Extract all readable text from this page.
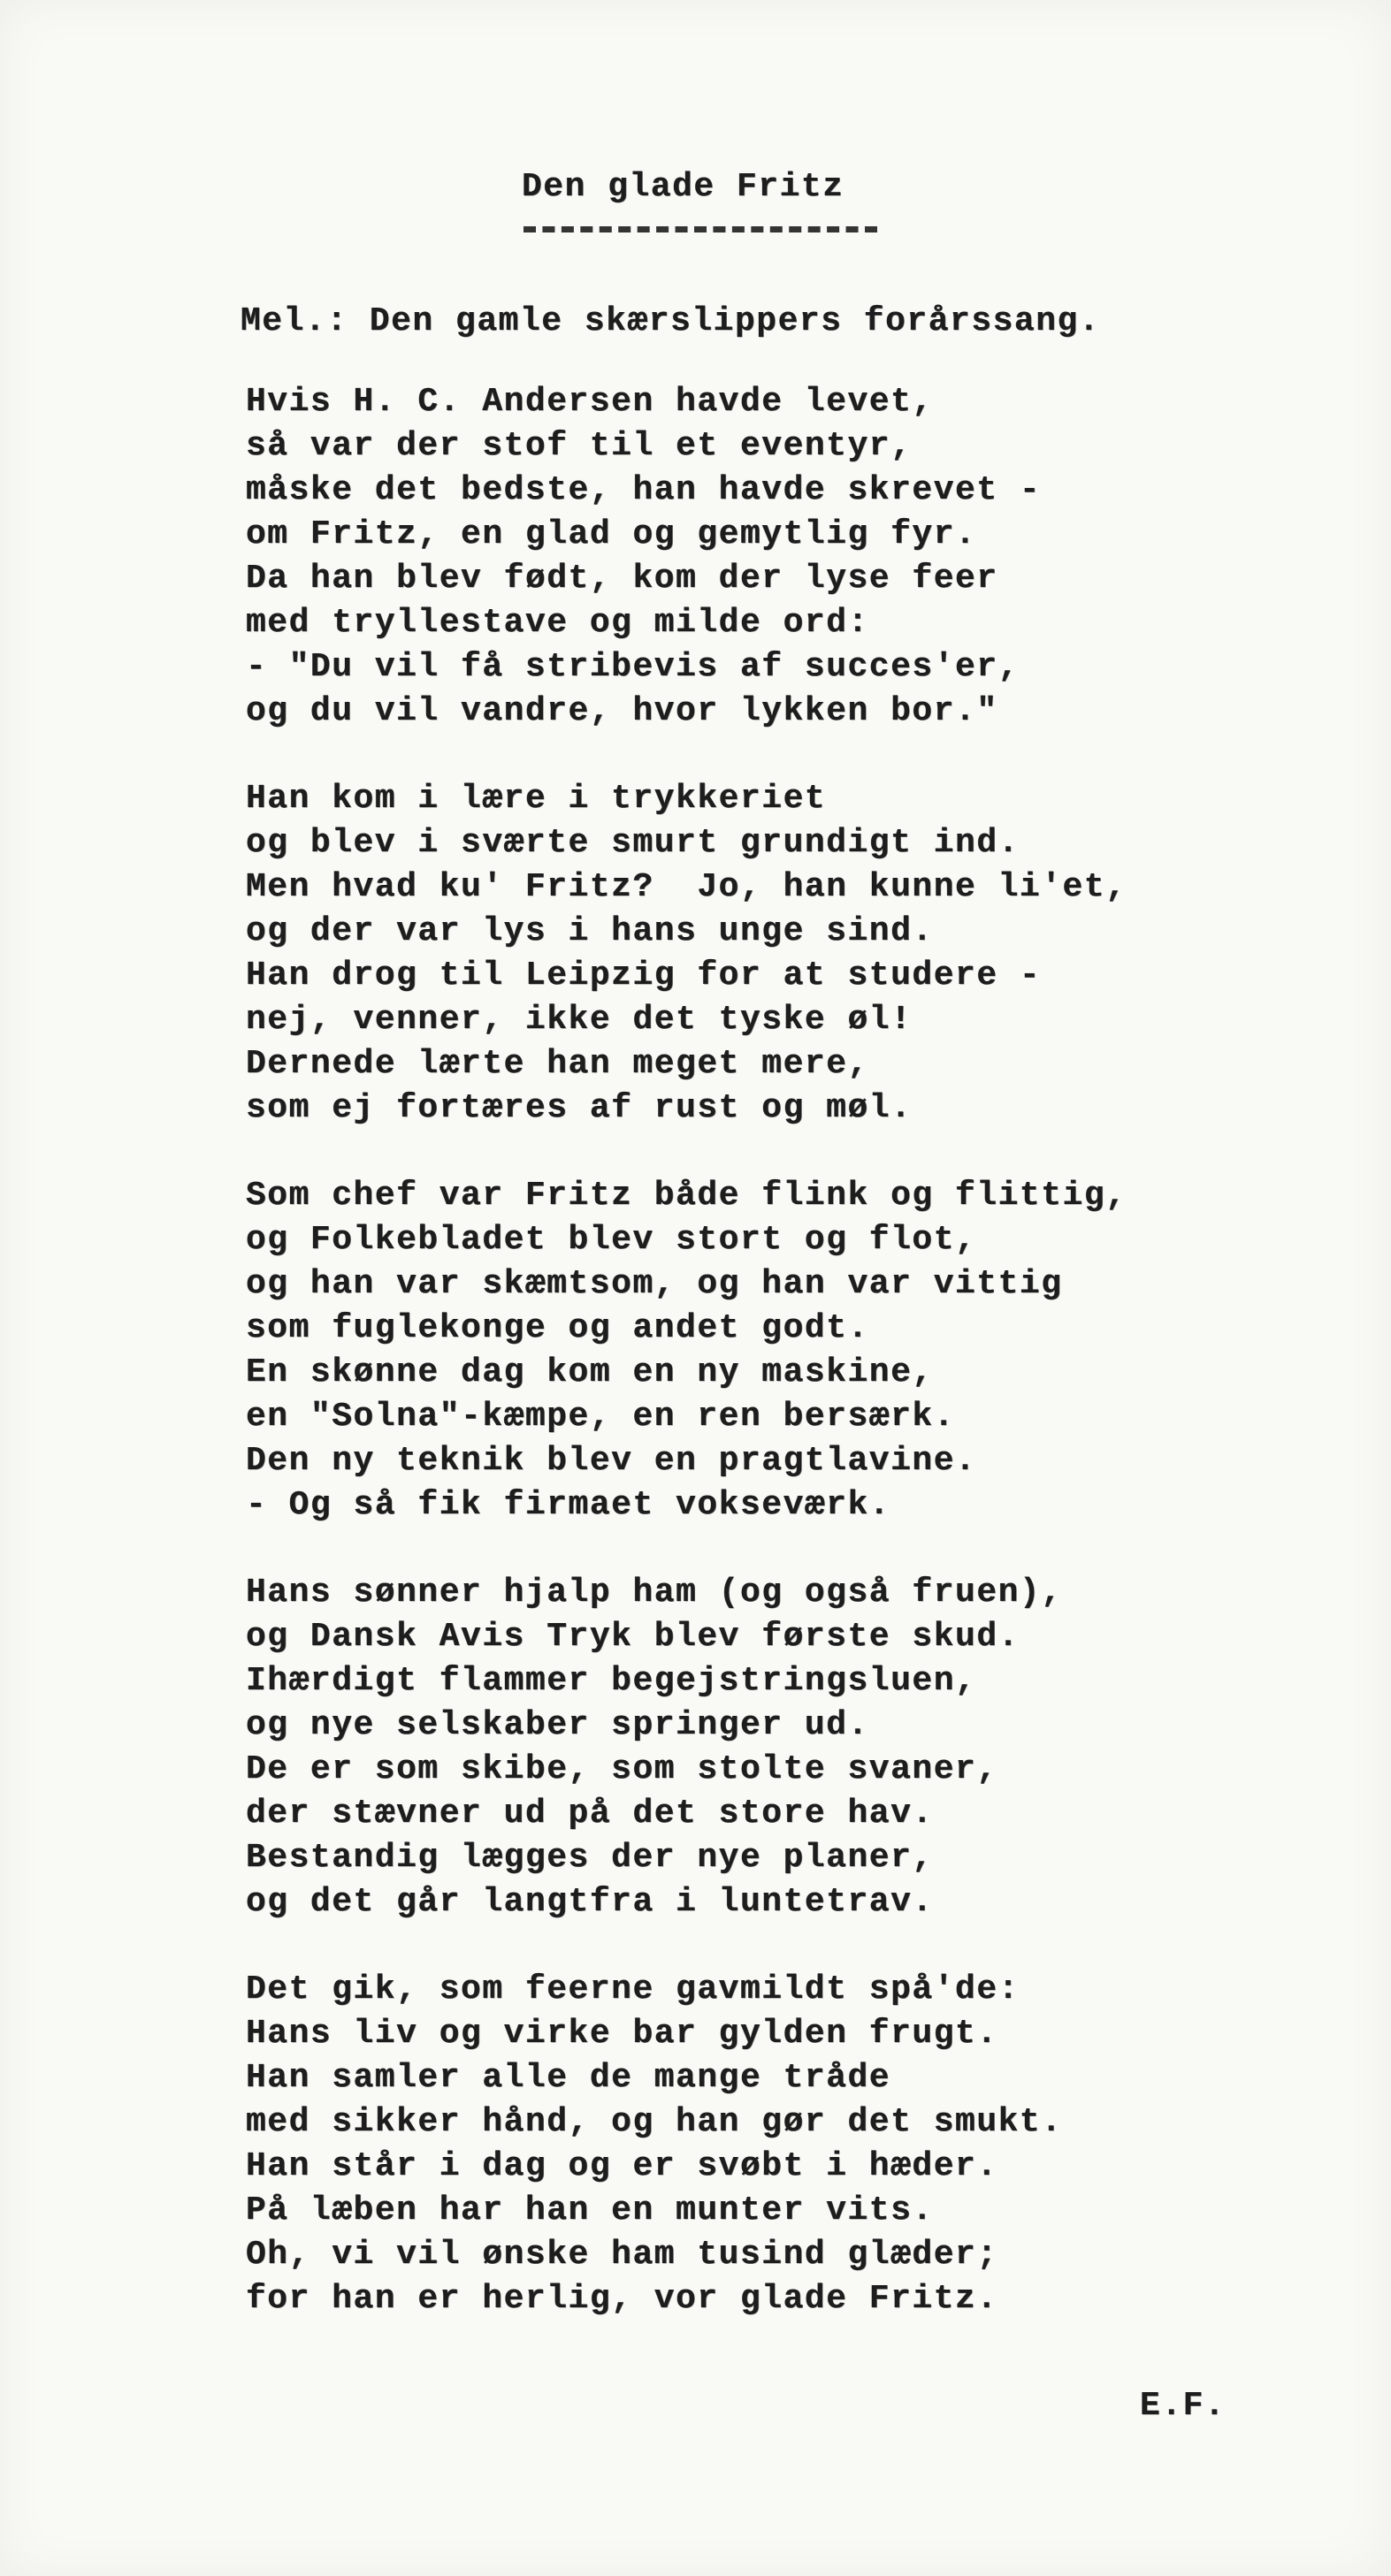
Den glade Fritz

Mel.: Den gamle skærslippers forårssang.

Hvis H. C. Andersen havde levet,
så var der stof til et eventyr,
måske det bedste, han havde skrevet -
om Fritz, en glad og gemytlig fyr.
Da han blev født, kom der lyse feer
med tryllestave og milde ord:
- "Du vil få stribevis af succes'er,
og du vil vandre, hvor lykken bor."
Han kom i lære i trykkeriet
og blev i sværte smurt grundigt ind.
Men hvad ku' Fritz?  Jo, han kunne li'et,
og der var lys i hans unge sind.
Han drog til Leipzig for at studere -
nej, venner, ikke det tyske øl!
Dernede lærte han meget mere,
som ej fortæres af rust og møl.
Som chef var Fritz både flink og flittig,
og Folkebladet blev stort og flot,
og han var skæmtsom, og han var vittig
som fuglekonge og andet godt.
En skønne dag kom en ny maskine,
en "Solna"-kæmpe, en ren bersærk.
Den ny teknik blev en pragtlavine.
- Og så fik firmaet vokseværk.
Hans sønner hjalp ham (og også fruen),
og Dansk Avis Tryk blev første skud.
Ihærdigt flammer begejstringsluen,
og nye selskaber springer ud.
De er som skibe, som stolte svaner,
der stævner ud på det store hav.
Bestandig lægges der nye planer,
og det går langtfra i luntetrav.
Det gik, som feerne gavmildt spå'de:
Hans liv og virke bar gylden frugt.
Han samler alle de mange tråde
med sikker hånd, og han gør det smukt.
Han står i dag og er svøbt i hæder.
På læben har han en munter vits.
Oh, vi vil ønske ham tusind glæder;
for han er herlig, vor glade Fritz.

E.F.
